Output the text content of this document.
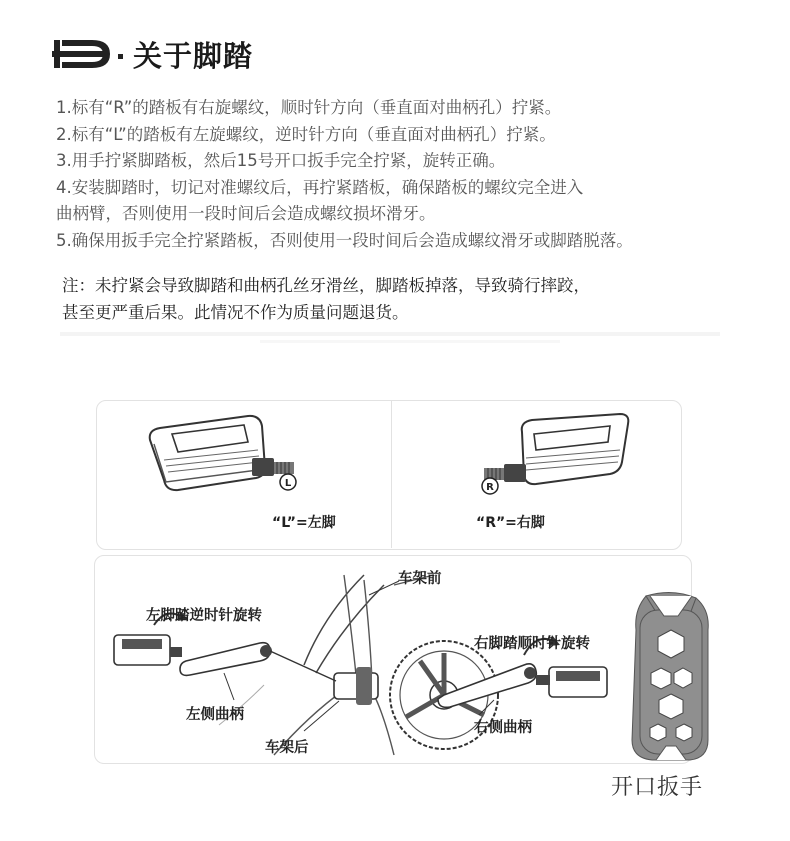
关于脚踏
1.标有“R”的踏板有右旋螺纹，顺时针方向（垂直面对曲柄孔）拧紧。
2.标有“L”的踏板有左旋螺纹，逆时针方向（垂直面对曲柄孔）拧紧。
3.用手拧紧脚踏板，然后15号开口扳手完全拧紧，旋转正确。
4.安装脚踏时，切记对准螺纹后，再拧紧踏板，确保踏板的螺纹完全进入
曲柄臂，否则使用一段时间后会造成螺纹损坏滑牙。
5.确保用扳手完全拧紧踏板，否则使用一段时间后会造成螺纹滑牙或脚踏脱落。
注：未拧紧会导致脚踏和曲柄孔丝牙滑丝，脚踏板掉落，导致骑行摔跤，
甚至更严重后果。此情况不作为质量问题退货。
L
“L”=左脚
R
“R”=右脚
车架前
左脚踏逆时针旋转
右脚踏顺时针旋转
左侧曲柄
右侧曲柄
车架后
开口扳手
